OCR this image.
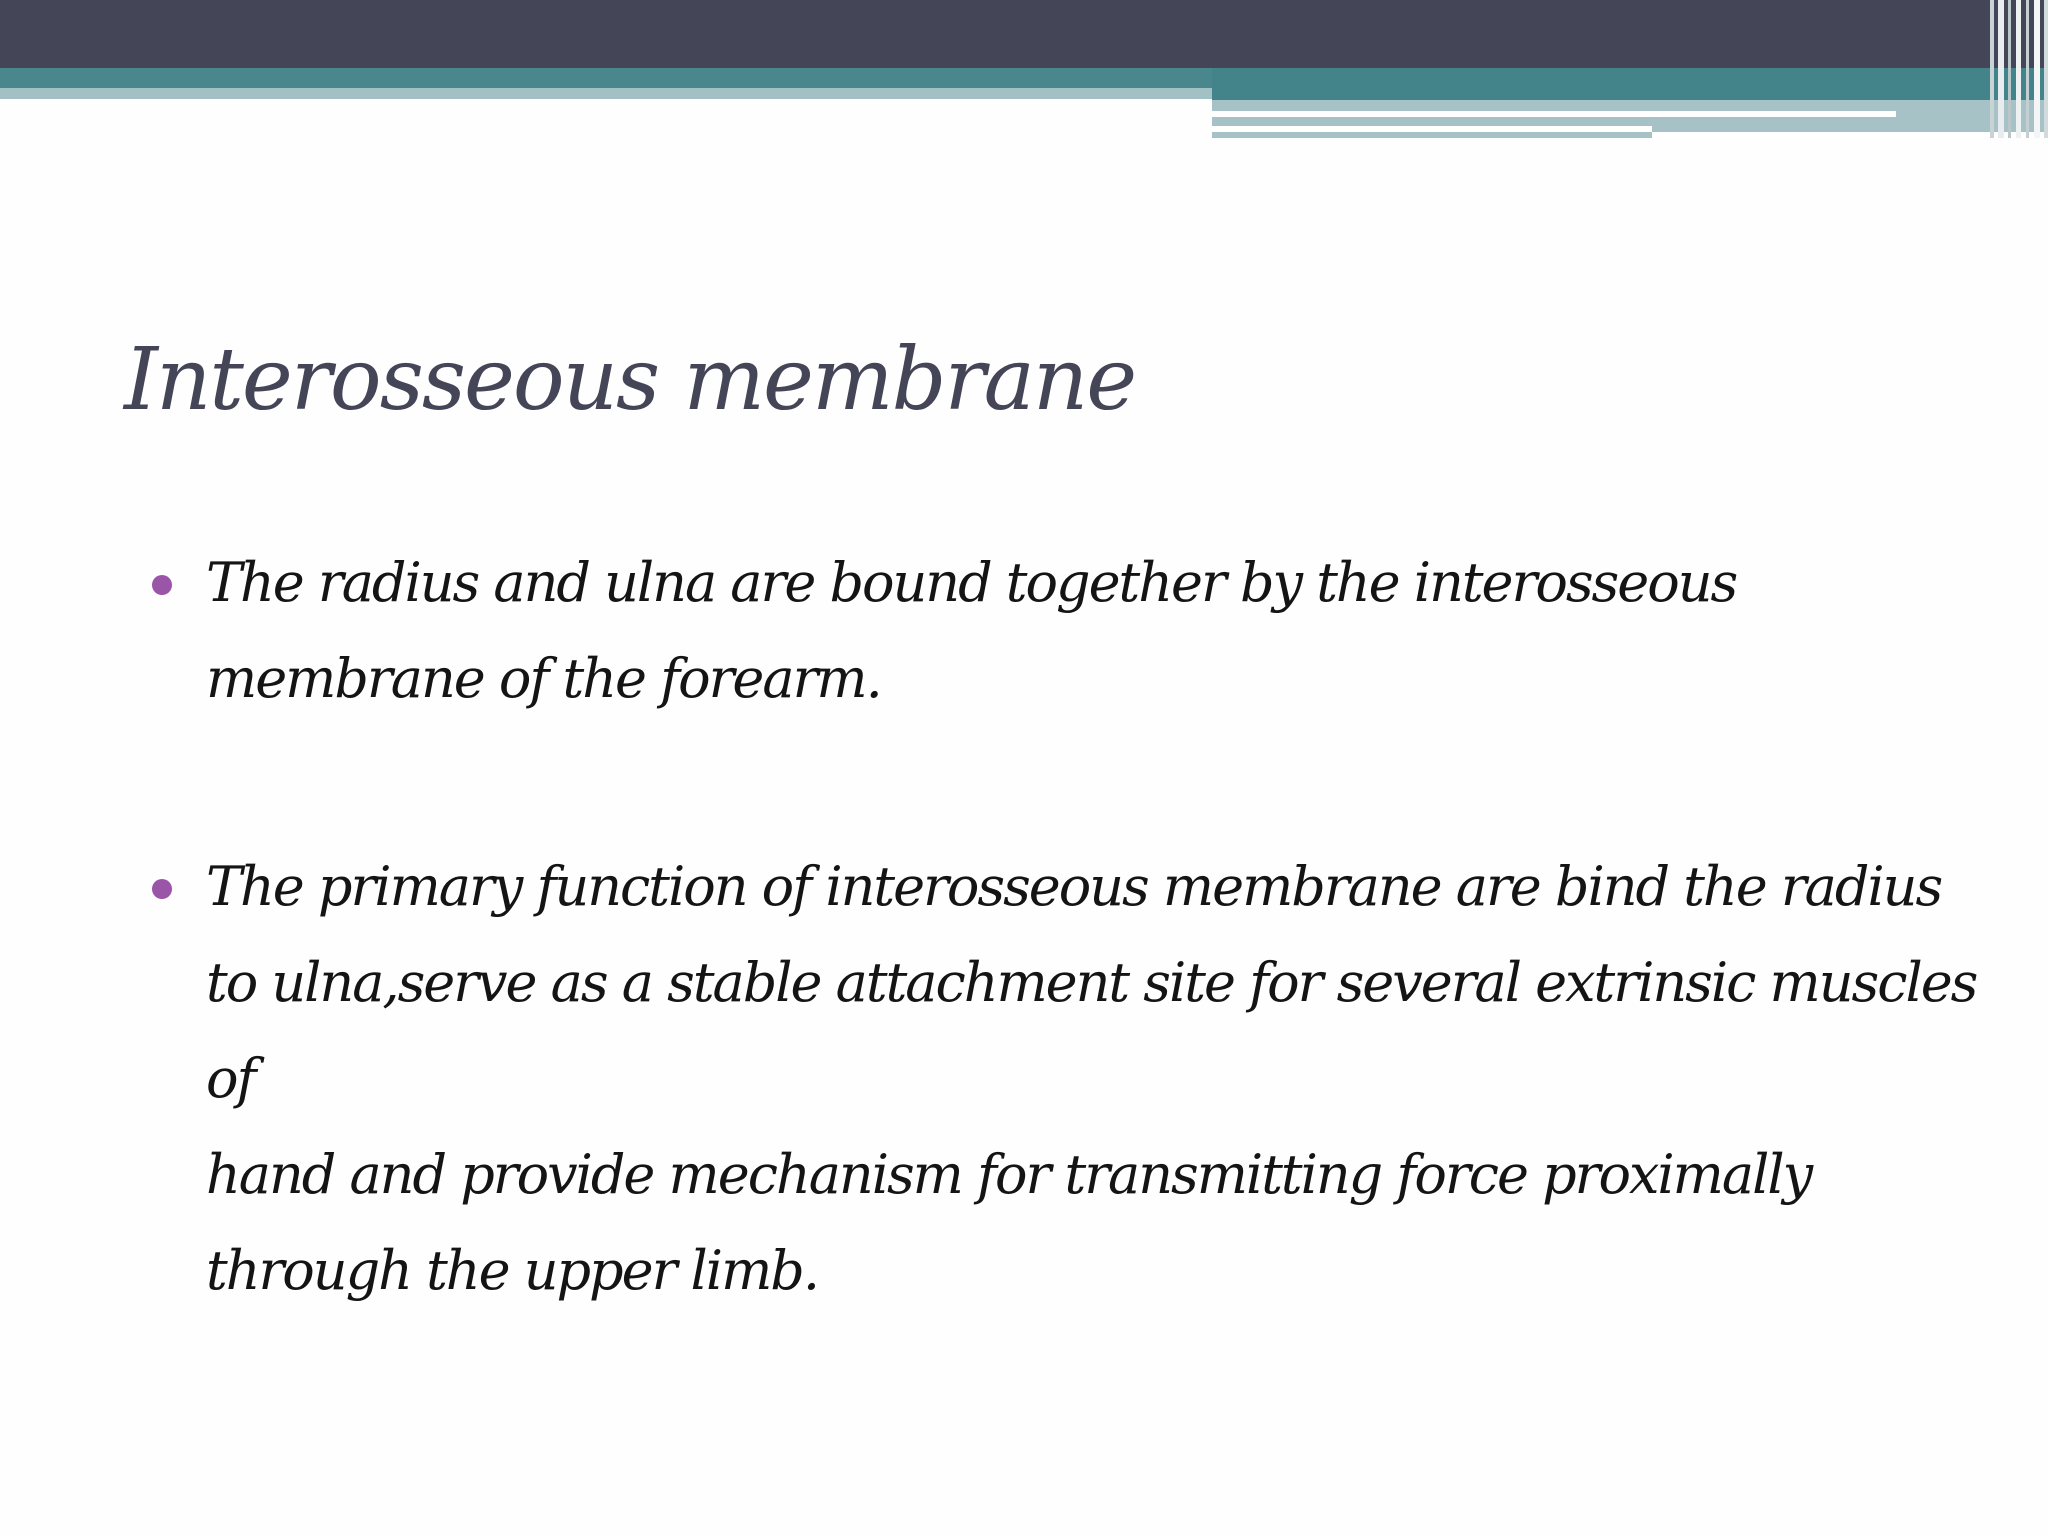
Interosseous membrane
The radius and ulna are bound together by the interosseous
membrane of the forearm.
The primary function of interosseous membrane are bind the radius
to ulna,serve as a stable attachment site for several extrinsic muscles of
hand and provide mechanism for transmitting force proximally
through the upper limb.
